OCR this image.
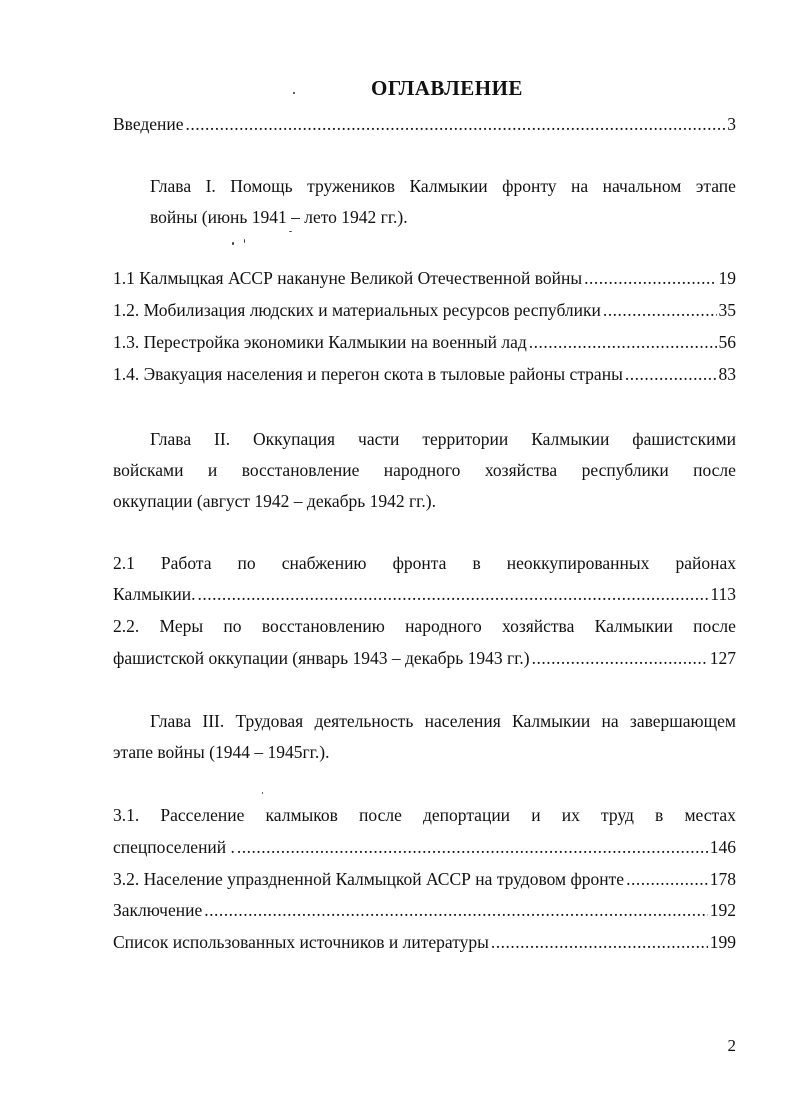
ОГЛАВЛЕНИЕ
Введение .....	3
Глава I. Помощь тружеников Калмыкии фронту на начальном этапе
войны (июнь 1941 – лето 1942 гг.).
1.1 Калмыцкая АССР накануне Великой Отечественной войны .....	19
1.2. Мобилизация людских и материальных ресурсов республики .....	35
1.3. Перестройка экономики Калмыкии на военный лад .....	56
1.4. Эвакуация населения и перегон скота в тыловые районы страны .....	83
Глава II. Оккупация части территории Калмыкии фашистскими
войсками и восстановление народного хозяйства республики после
оккупации (август 1942 – декабрь 1942 гг.).
2.1 Работа по снабжению фронта в неоккупированных районах
Калмыкии. .....	113
2.2. Меры по восстановлению народного хозяйства Калмыкии после
фашистской оккупации (январь 1943 – декабрь 1943 гг.) .....	127
Глава III. Трудовая деятельность населения Калмыкии на завершающем
этапе войны (1944 – 1945гг.).
3.1. Расселение калмыков после депортации и их труд в местах
спецпоселений . .....	146
3.2. Население упраздненной Калмыцкой АССР на трудовом фронте .....	178
Заключение .....	192
Список использованных источников и литературы .....	199
2
